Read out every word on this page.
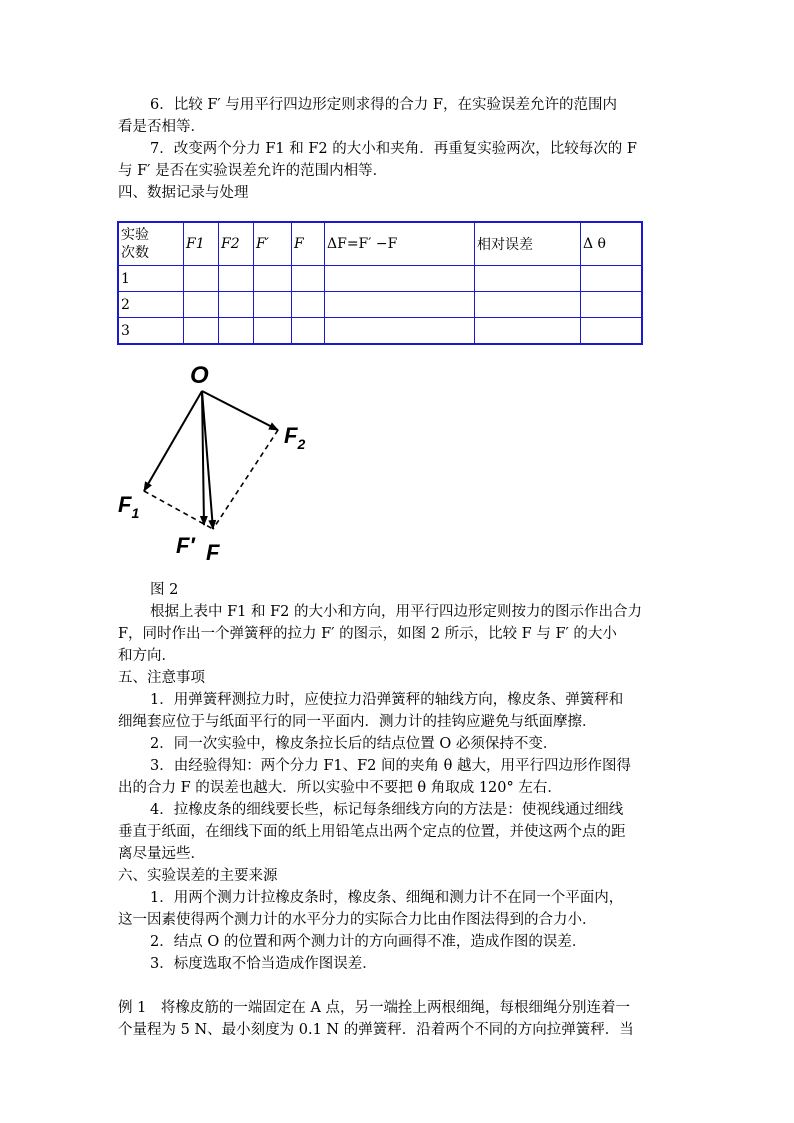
6．比较 F′ 与用平行四边形定则求得的合力 F，在实验误差允许的范围内
看是否相等．
7．改变两个分力 F1 和 F2 的大小和夹角．再重复实验两次，比较每次的 F
与 F′ 是否在实验误差允许的范围内相等．
四、数据记录与处理
实验
次数	F1	F2	F′	F	ΔF=F′ −F	相对误差	Δ θ
1							
2							
3							
O
$F_1$
$F_2$
F′ F
图 2
根据上表中 F1 和 F2 的大小和方向，用平行四边形定则按力的图示作出合力
F，同时作出一个弹簧秤的拉力 F′ 的图示，如图 2 所示，比较 F 与 F′ 的大小
和方向．
五、注意事项
1．用弹簧秤测拉力时，应使拉力沿弹簧秤的轴线方向，橡皮条、弹簧秤和
细绳套应位于与纸面平行的同一平面内．测力计的挂钩应避免与纸面摩擦．
2．同一次实验中，橡皮条拉长后的结点位置 O 必须保持不变．
3．由经验得知：两个分力 F1、F2 间的夹角 θ 越大，用平行四边形作图得
出的合力 F 的误差也越大．所以实验中不要把 θ 角取成 120° 左右．
4．拉橡皮条的细线要长些，标记每条细线方向的方法是：使视线通过细线
垂直于纸面，在细线下面的纸上用铅笔点出两个定点的位置，并使这两个点的距
离尽量远些．
六、实验误差的主要来源
1．用两个测力计拉橡皮条时，橡皮条、细绳和测力计不在同一个平面内，
这一因素使得两个测力计的水平分力的实际合力比由作图法得到的合力小．
2．结点 O 的位置和两个测力计的方向画得不准，造成作图的误差．
3．标度选取不恰当造成作图误差．
例 1　将橡皮筋的一端固定在 A 点，另一端拴上两根细绳，每根细绳分别连着一
个量程为 5 N、最小刻度为 0.1 N 的弹簧秤．沿着两个不同的方向拉弹簧秤．当
